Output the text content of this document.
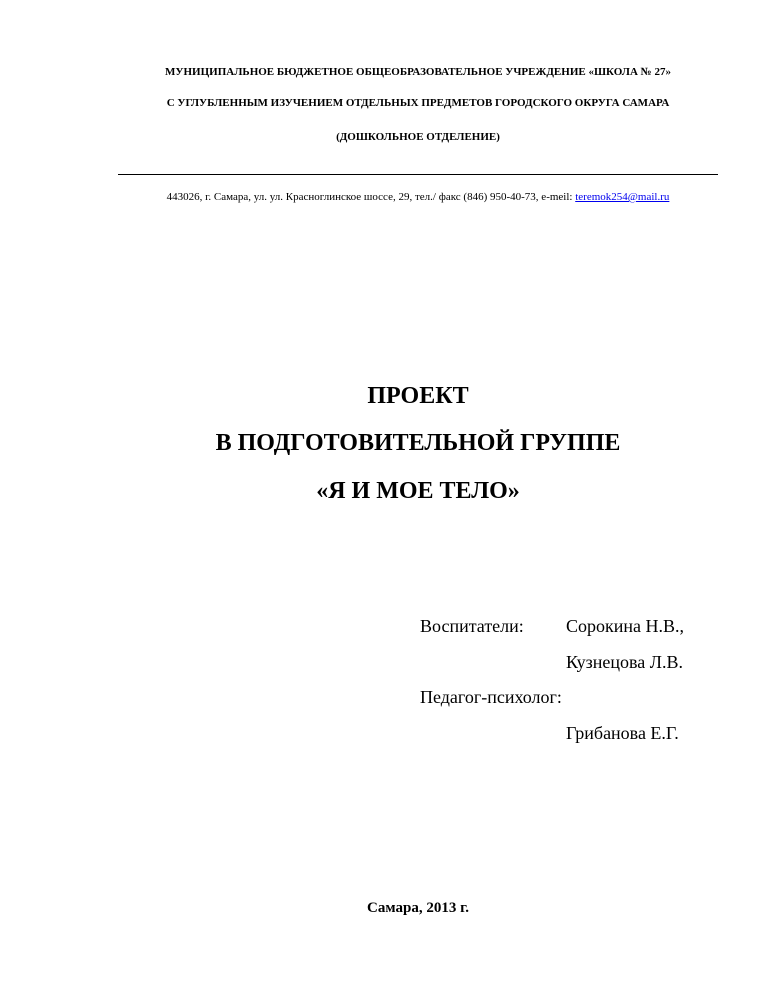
МУНИЦИПАЛЬНОЕ БЮДЖЕТНОЕ ОБЩЕОБРАЗОВАТЕЛЬНОЕ УЧРЕЖДЕНИЕ «ШКОЛА № 27»
С УГЛУБЛЕННЫМ ИЗУЧЕНИЕМ ОТДЕЛЬНЫХ ПРЕДМЕТОВ ГОРОДСКОГО ОКРУГА САМАРА
(ДОШКОЛЬНОЕ ОТДЕЛЕНИЕ)
443026, г. Самара, ул. ул. Красноглинское шоссе, 29, тел./ факс (846) 950-40-73, e-meil: teremok254@mail.ru
ПРОЕКТ
В ПОДГОТОВИТЕЛЬНОЙ ГРУППЕ
«Я И МОЕ ТЕЛО»
Воспитатели: Сорокина Н.В.,
Кузнецова Л.В.
Педагог-психолог:
Грибанова Е.Г.
Самара, 2013 г.
